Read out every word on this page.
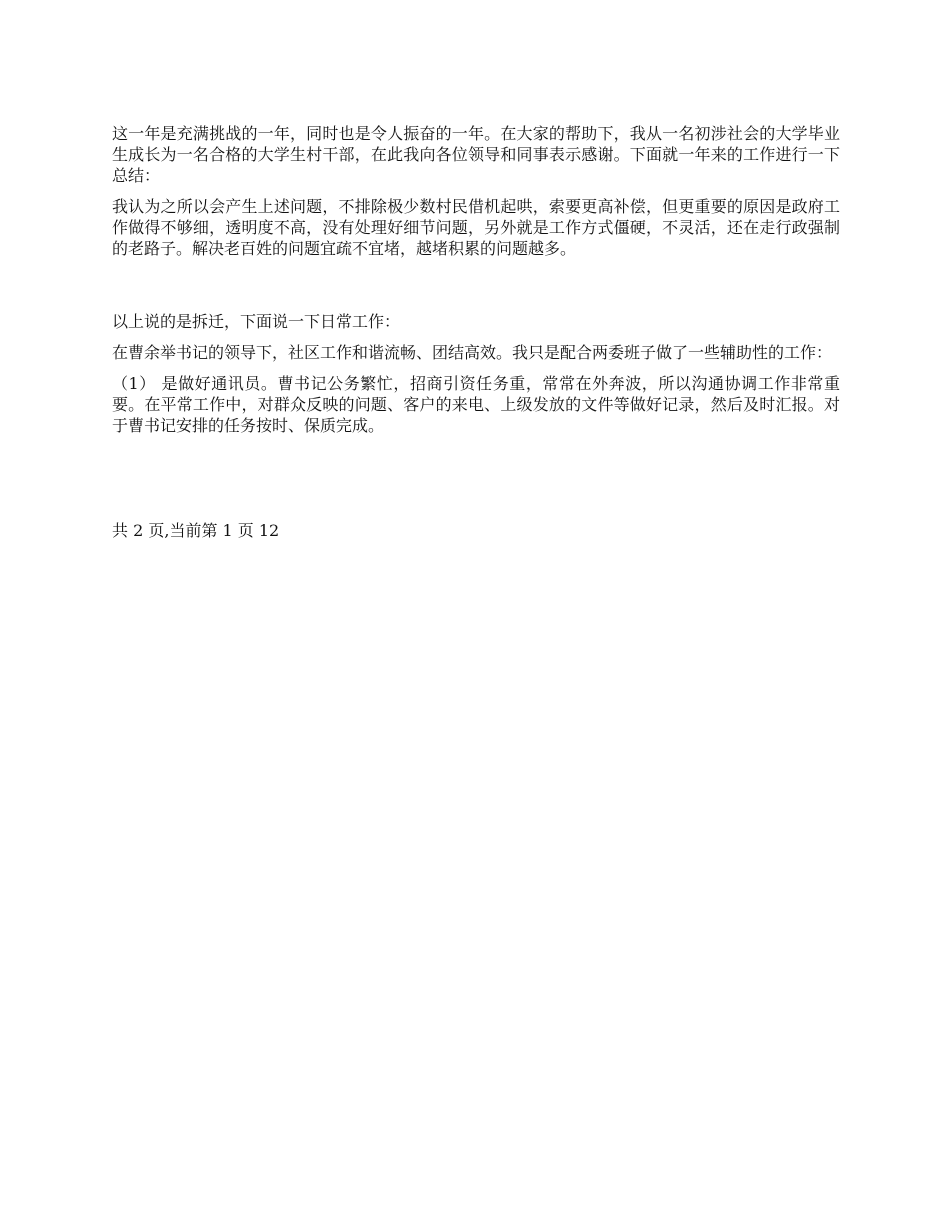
这一年是充满挑战的一年，同时也是令人振奋的一年。在大家的帮助下，我从一名初涉社会的大学毕业生成长为一名合格的大学生村干部，在此我向各位领导和同事表示感谢。下面就一年来的工作进行一下总结：

我认为之所以会产生上述问题，不排除极少数村民借机起哄，索要更高补偿，但更重要的原因是政府工作做得不够细，透明度不高，没有处理好细节问题，另外就是工作方式僵硬，不灵活，还在走行政强制的老路子。解决老百姓的问题宜疏不宜堵，越堵积累的问题越多。

以上说的是拆迁，下面说一下日常工作：

在曹余举书记的领导下，社区工作和谐流畅、团结高效。我只是配合两委班子做了一些辅助性的工作：

（1） 是做好通讯员。曹书记公务繁忙，招商引资任务重，常常在外奔波，所以沟通协调工作非常重要。在平常工作中，对群众反映的问题、客户的来电、上级发放的文件等做好记录，然后及时汇报。对于曹书记安排的任务按时、保质完成。

共 2 页,当前第 1 页 12
